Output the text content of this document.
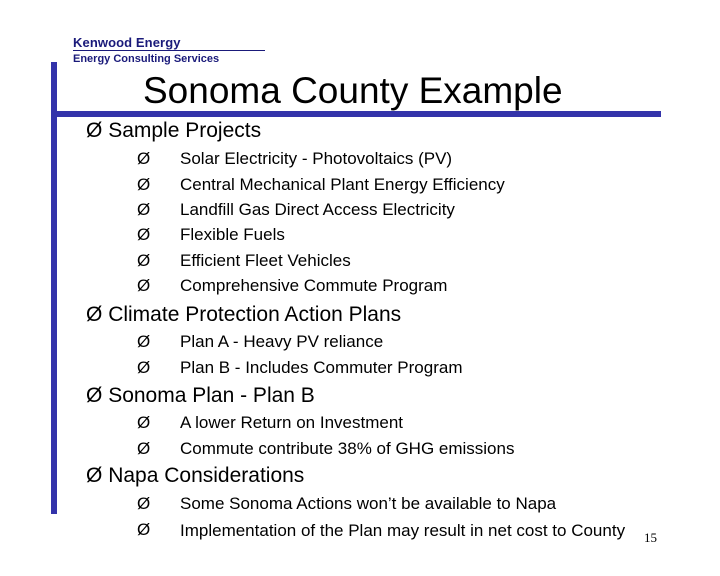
Kenwood Energy
Energy Consulting Services
Sonoma County Example
Ø Sample Projects
Ø Solar Electricity - Photovoltaics (PV)
Ø Central Mechanical Plant Energy Efficiency
Ø Landfill Gas Direct Access Electricity
Ø Flexible Fuels
Ø Efficient Fleet Vehicles
Ø Comprehensive Commute Program
Ø Climate Protection Action Plans
Ø Plan A - Heavy PV reliance
Ø Plan B - Includes Commuter Program
Ø Sonoma Plan - Plan B
Ø A lower Return on Investment
Ø Commute contribute 38% of GHG emissions
Ø Napa Considerations
Ø Some Sonoma Actions won’t be available to Napa
Ø Implementation of the Plan may result in net cost to County	15
